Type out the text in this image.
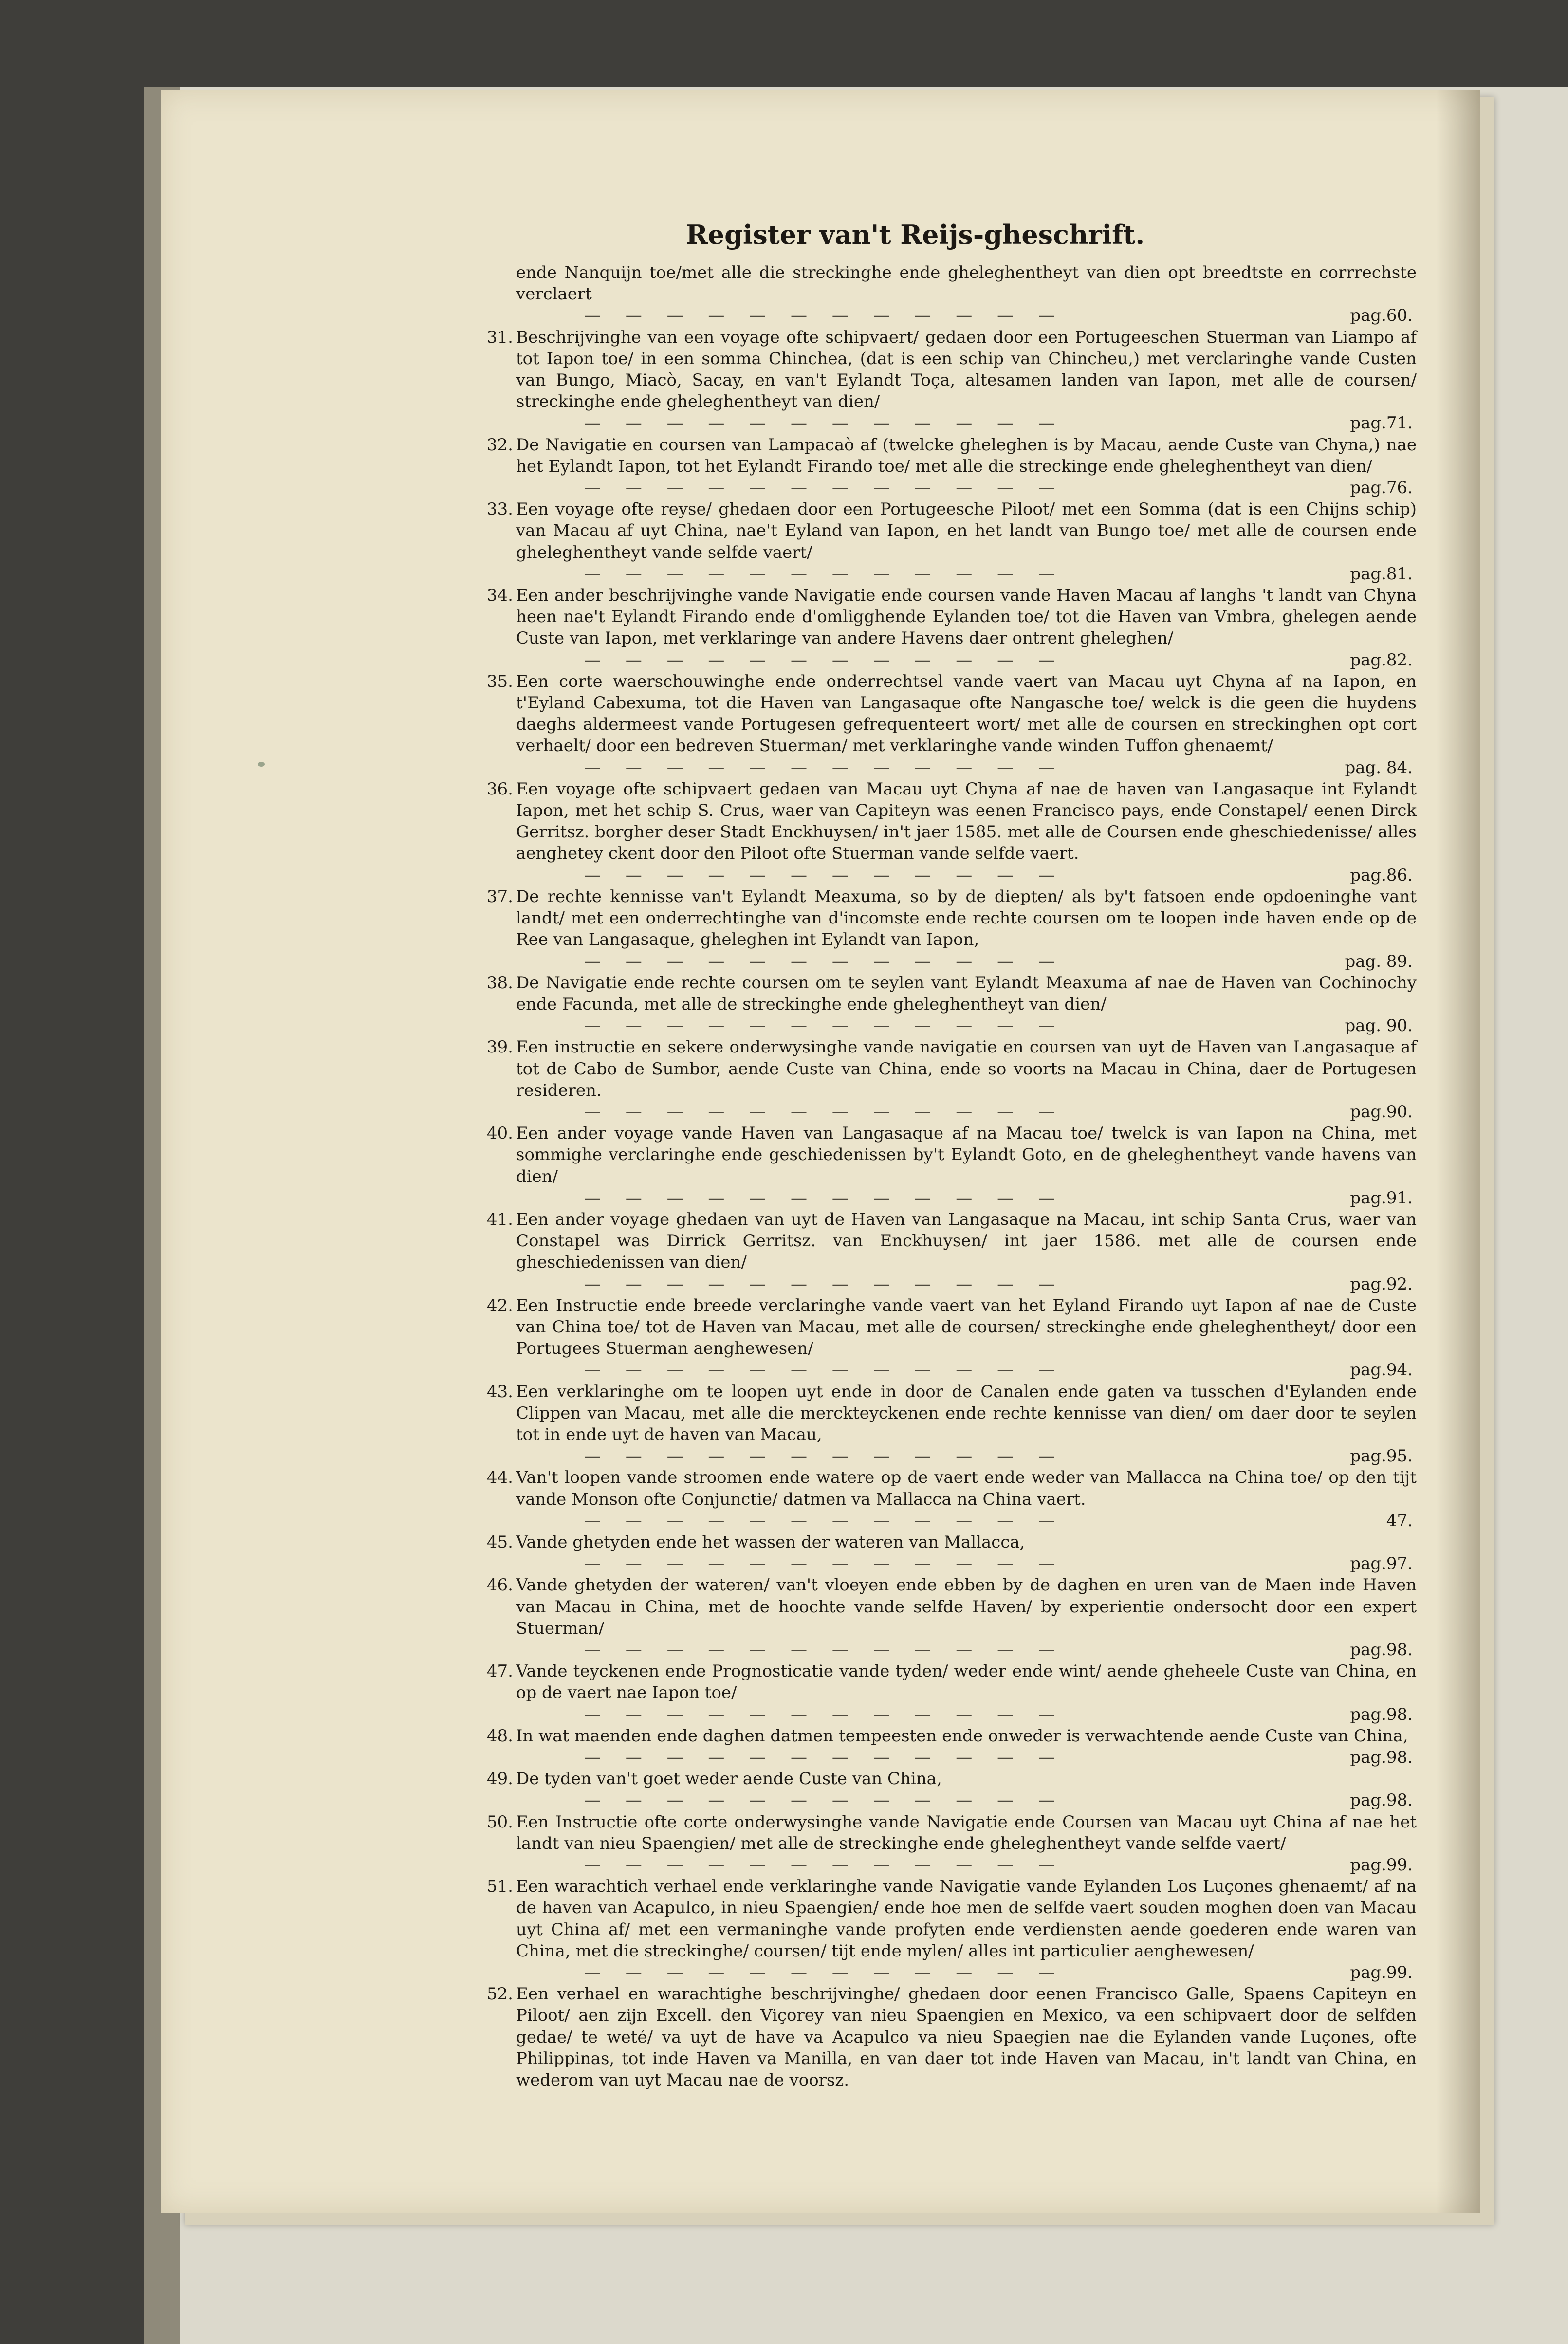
Register van't Reijs-gheschrift.
ende Nanquijn toe/met alle die streckinghe ende gheleghentheyt van dien opt breedtste en corrrechste verclaert
— — — pag.60.
31. Beschrijvinghe van een voyage ofte schipvaert/ gedaen door een Portugeeschen Stuerman van Liampo af tot Iapon toe/ in een somma Chinchea, (dat is een schip van Chincheu,) met verclaringhe vande Custen van Bungo, Miacò, Sacay, en van't Eylandt Toça, altesamen landen van Iapon, met alle de coursen/ streckinghe ende gheleghentheyt van dien/
— — — pag.71.
32. De Navigatie en coursen van Lampacaò af (twelcke gheleghen is by Macau, aende Custe van Chyna,) nae het Eylandt Iapon, tot het Eylandt Firando toe/ met alle die streckinge ende gheleghentheyt van dien/
— — — pag.76.
33. Een voyage ofte reyse/ ghedaen door een Portugeesche Piloot/ met een Somma (dat is een Chijns schip) van Macau af uyt China, nae't Eyland van Iapon, en het landt van Bungo toe/ met alle de coursen ende gheleghentheyt vande selfde vaert/
— — — pag.81.
34. Een ander beschrijvinghe vande Navigatie ende coursen vande Haven Macau af langhs 't landt van Chyna heen nae't Eylandt Firando ende d'omligghende Eylanden toe/ tot die Haven van Vmbra, ghelegen aende Custe van Iapon, met verklaringe van andere Havens daer ontrent gheleghen/
— — — pag.82.
35. Een corte waerschouwinghe ende onderrechtsel vande vaert van Macau uyt Chyna af na Iapon, en t'Eyland Cabexuma, tot die Haven van Langasaque ofte Nangasche toe/ welck is die geen die huydens daeghs aldermeest vande Portugesen gefrequenteert wort/ met alle de coursen en streckinghen opt cort verhaelt/ door een bedreven Stuerman/ met verklaringhe vande winden Tuffon ghenaemt/
— — — pag. 84.
36. Een voyage ofte schipvaert gedaen van Macau uyt Chyna af nae de haven van Langasaque int Eylandt Iapon, met het schip S. Crus, waer van Capiteyn was eenen Francisco pays, ende Constapel/ eenen Dirck Gerritsz. borgher deser Stadt Enckhuysen/ in't jaer 1585. met alle de Coursen ende gheschiedenisse/ alles aenghetey ckent door den Piloot ofte Stuerman vande selfde vaert.
— — — pag.86.
37. De rechte kennisse van't Eylandt Meaxuma, so by de diepten/ als by't fatsoen ende opdoeninghe vant landt/ met een onderrechtinghe van d'incomste ende rechte coursen om te loopen inde haven ende op de Ree van Langasaque, gheleghen int Eylandt van Iapon,
— — — pag. 89.
38. De Navigatie ende rechte coursen om te seylen vant Eylandt Meaxuma af nae de Haven van Cochinochy ende Facunda, met alle de streckinghe ende gheleghentheyt van dien/
— — — pag. 90.
39. Een instructie en sekere onderwysinghe vande navigatie en coursen van uyt de Haven van Langasaque af tot de Cabo de Sumbor, aende Custe van China, ende so voorts na Macau in China, daer de Portugesen resideren.
— — — pag.90.
40. Een ander voyage vande Haven van Langasaque af na Macau toe/ twelck is van Iapon na China, met sommighe verclaringhe ende geschiedenissen by't Eylandt Goto, en de gheleghentheyt vande havens van dien/
— — — pag.91.
41. Een ander voyage ghedaen van uyt de Haven van Langasaque na Macau, int schip Santa Crus, waer van Constapel was Dirrick Gerritsz. van Enckhuysen/ int jaer 1586. met alle de coursen ende gheschiedenissen van dien/
— — — pag.92.
42. Een Instructie ende breede verclaringhe vande vaert van het Eyland Firando uyt Iapon af nae de Custe van China toe/ tot de Haven van Macau, met alle de coursen/ streckinghe ende gheleghentheyt/ door een Portugees Stuerman aenghewesen/
— — — pag.94.
43. Een verklaringhe om te loopen uyt ende in door de Canalen ende gaten va tusschen d'Eylanden ende Clippen van Macau, met alle die merckteyckenen ende rechte kennisse van dien/ om daer door te seylen tot in ende uyt de haven van Macau,
— — — pag.95.
44. Van't loopen vande stroomen ende watere op de vaert ende weder van Mallacca na China toe/ op den tijt vande Monson ofte Conjunctie/ datmen va Mallacca na China vaert.
— — — 47.
45. Vande ghetyden ende het wassen der wateren van Mallacca,
— — — pag.97.
46. Vande ghetyden der wateren/ van't vloeyen ende ebben by de daghen en uren van de Maen inde Haven van Macau in China, met de hoochte vande selfde Haven/ by experientie ondersocht door een expert Stuerman/
— — — pag.98.
47. Vande teyckenen ende Prognosticatie vande tyden/ weder ende wint/ aende gheheele Custe van China, en op de vaert nae Iapon toe/
— — — pag.98.
48. In wat maenden ende daghen datmen tempeesten ende onweder is verwachtende aende Custe van China,
— — — pag.98.
49. De tyden van't goet weder aende Custe van China,
— — — pag.98.
50. Een Instructie ofte corte onderwysinghe vande Navigatie ende Coursen van Macau uyt China af nae het landt van nieu Spaengien/ met alle de streckinghe ende gheleghentheyt vande selfde vaert/
— — — pag.99.
51. Een warachtich verhael ende verklaringhe vande Navigatie vande Eylanden Los Luçones ghenaemt/ af na de haven van Acapulco, in nieu Spaengien/ ende hoe men de selfde vaert souden moghen doen van Macau uyt China af/ met een vermaninghe vande profyten ende verdiensten aende goederen ende waren van China, met die streckinghe/ coursen/ tijt ende mylen/ alles int particulier aenghewesen/
— — — pag.99.
52. Een verhael en warachtighe beschrijvinghe/ ghedaen door eenen Francisco Galle, Spaens Capiteyn en Piloot/ aen zijn Excell. den Viçorey van nieu Spaengien en Mexico, va een schipvaert door de selfden gedae/ te weté/ va uyt de have va Acapulco va nieu Spaegien nae die Eylanden vande Luçones, ofte Philippinas, tot inde Haven va Manilla, en van daer tot inde Haven van Macau, in't landt van China, en wederom van uyt Macau nae de voorsz.
